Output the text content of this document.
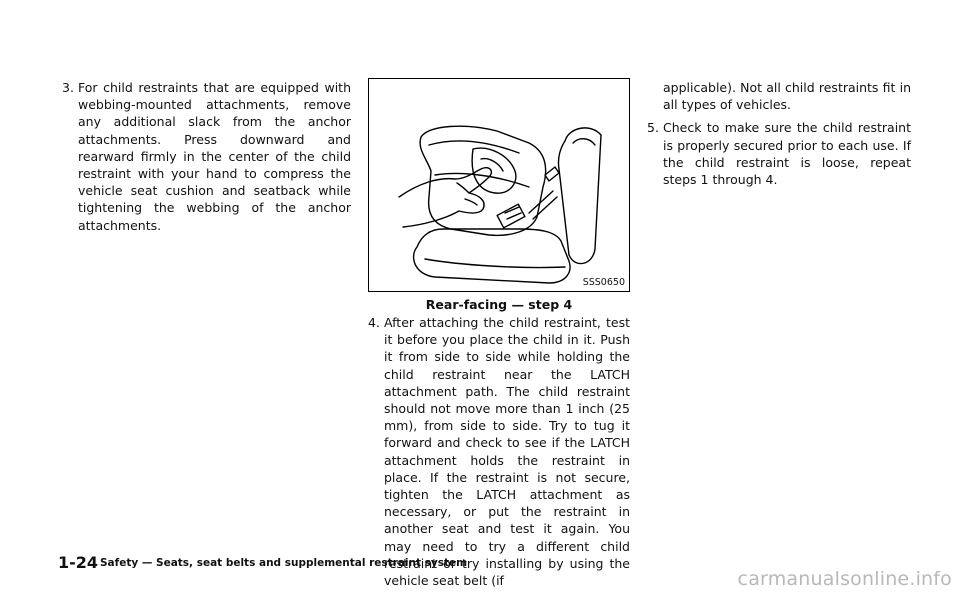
3. For child restraints that are equipped with webbing-mounted attachments, remove any additional slack from the anchor attachments. Press downward and rearward firmly in the center of the child restraint with your hand to compress the vehicle seat cushion and seatback while tightening the webbing of the anchor attachments.

SSS0650
Rear-facing — step 4

4. After attaching the child restraint, test it before you place the child in it. Push it from side to side while holding the child restraint near the LATCH attachment path. The child restraint should not move more than 1 inch (25 mm), from side to side. Try to tug it forward and check to see if the LATCH attachment holds the restraint in place. If the restraint is not secure, tighten the LATCH attachment as necessary, or put the restraint in another seat and test it again. You may need to try a different child restraint or try installing by using the vehicle seat belt (if

applicable). Not all child restraints fit in all types of vehicles.

5. Check to make sure the child restraint is properly secured prior to each use. If the child restraint is loose, repeat steps 1 through 4.

1-24 Safety — Seats, seat belts and supplemental restraint system
carmanualsonline.info
